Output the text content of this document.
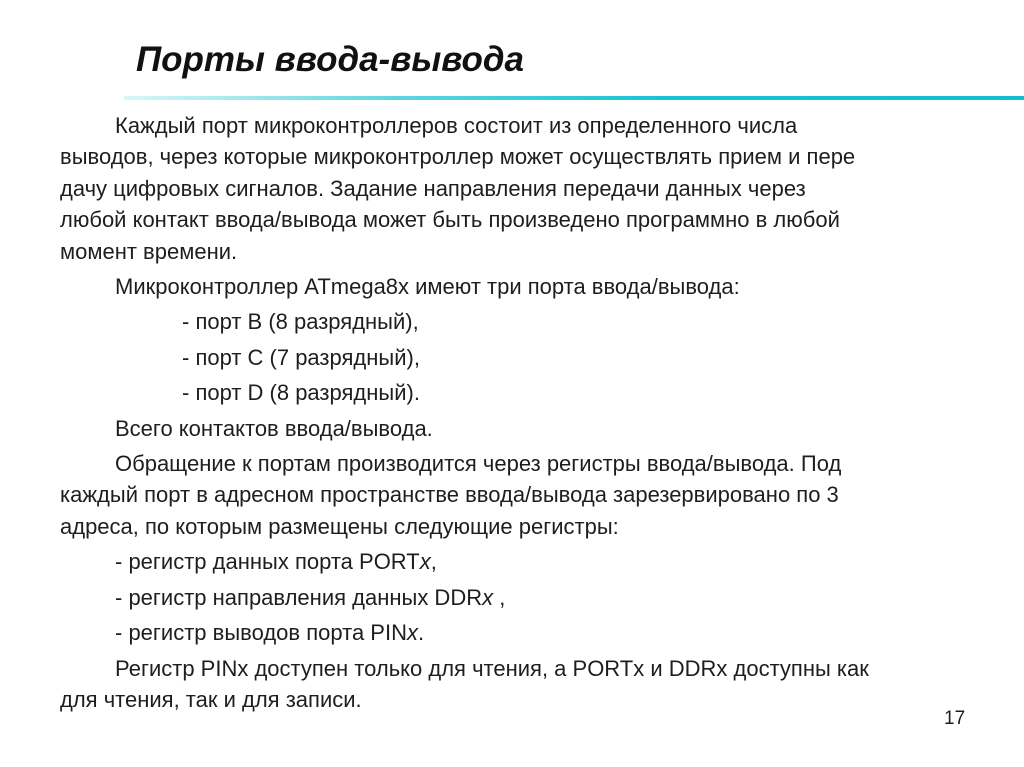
Порты ввода-вывода
Каждый порт микроконтроллеров состоит из определенного числа
выводов, через которые микроконтроллер может осуществлять прием и пере
дачу цифровых сигналов. Задание направления передачи данных через
любой контакт ввода/вывода может быть произведено программно в любой
момент времени.
Микроконтроллер ATmega8x имеют три порта ввода/вывода:
- порт B (8 разрядный),
- порт C (7 разрядный),
- порт D (8 разрядный).
Всего контактов ввода/вывода.
Обращение к портам производится через регистры ввода/вывода. Под
каждый порт в адресном пространстве ввода/вывода зарезервировано по 3
адреса, по которым размещены следующие регистры:
- регистр данных порта PORTx,
- регистр направления данных DDRx ,
- регистр выводов порта PINx.
Регистр PINx доступен только для чтения, а PORTx и DDRx доступны как
для чтения, так и для записи.
17
